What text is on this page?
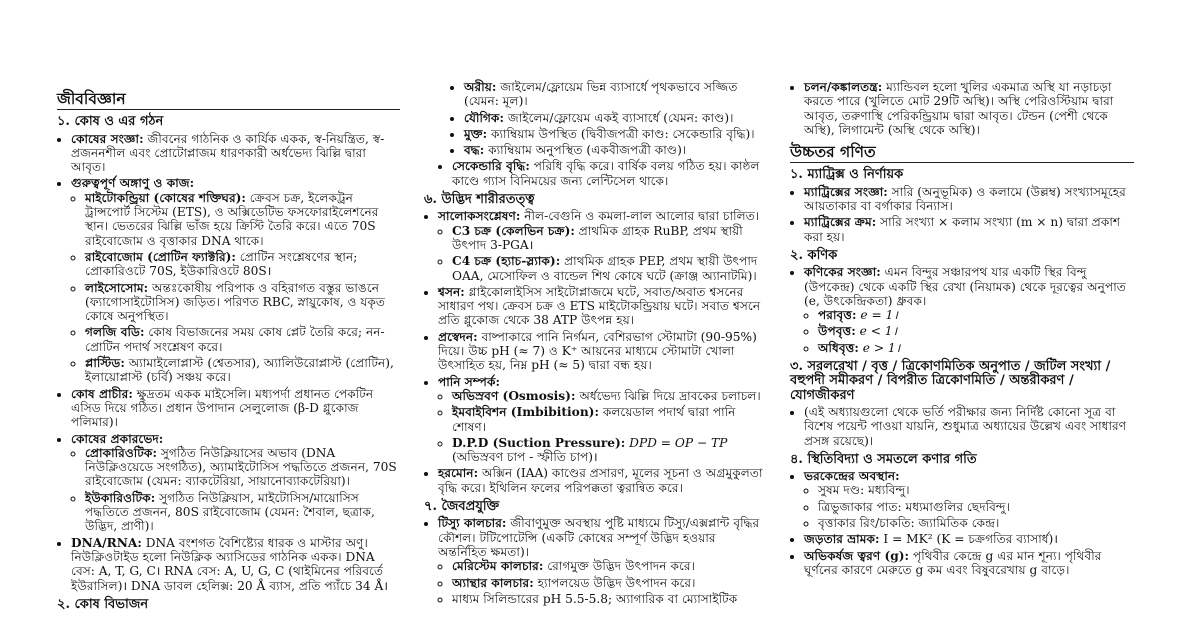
জীববিজ্ঞান
১. কোষ ও এর গঠন
• কোষের সংজ্ঞা: জীবনের গাঠনিক ও কার্যিক একক, স্ব-নিয়ন্ত্রিত, স্ব-প্রজননশীল এবং প্রোটোপ্লাজম ধারণকারী অর্ধভেদ্য ঝিল্লি দ্বারা আবৃত।
• গুরুত্বপূর্ণ অঙ্গাণু ও কাজ:
◦ মাইটোকন্ড্রিয়া (কোষের শক্তিঘর): ক্রেবস চক্র, ইলেকট্রন ট্রান্সপোর্ট সিস্টেম (ETS), ও অক্সিডেটিভ ফসফোরাইলেশনের স্থান। ভেতরের ঝিল্লি ভাঁজ হয়ে ক্রিস্টি তৈরি করে। এতে 70S রাইবোজোম ও বৃত্তাকার DNA থাকে।
◦ রাইবোজোম (প্রোটিন ফ্যাক্টরি): প্রোটিন সংশ্লেষণের স্থান; প্রোকারিওটে 70S, ইউকারিওটে 80S।
◦ লাইসোসোম: অন্তঃকোষীয় পরিপাক ও বহিরাগত বস্তুর ভাঙনে (ফ্যাগোসাইটোসিস) জড়িত। পরিণত RBC, স্নায়ুকোষ, ও যকৃত কোষে অনুপস্থিত।
◦ গলজি বডি: কোষ বিভাজনের সময় কোষ প্লেট তৈরি করে; নন-প্রোটিন পদার্থ সংশ্লেষণ করে।
◦ প্লাস্টিড: অ্যামাইলোপ্লাস্ট (শ্বেতসার), অ্যালিউরোপ্লাস্ট (প্রোটিন), ইলায়োপ্লাস্ট (চর্বি) সঞ্চয় করে।
• কোষ প্রাচীর: ক্ষুদ্রতম একক মাইসেলি। মধ্যপর্দা প্রধানত পেকটিন এসিড দিয়ে গঠিত। প্রধান উপাদান সেলুলোজ (β-D গ্লুকোজ পলিমার)।
• কোষের প্রকারভেদ:
◦ প্রোকারিওটিক: সুগঠিত নিউক্লিয়াসের অভাব (DNA নিউক্লিওয়েডে সংগঠিত), অ্যামাইটোসিস পদ্ধতিতে প্রজনন, 70S রাইবোজোম (যেমন: ব্যাকটেরিয়া, সায়ানোব্যাকটেরিয়া)।
◦ ইউকারিওটিক: সুগঠিত নিউক্লিয়াস, মাইটোসিস/মায়োসিস পদ্ধতিতে প্রজনন, 80S রাইবোজোম (যেমন: শৈবাল, ছত্রাক, উদ্ভিদ, প্রাণী)।
• DNA/RNA: DNA বংশগত বৈশিষ্ট্যের ধারক ও মাস্টার অণু। নিউক্লিওটাইড হলো নিউক্লিক অ্যাসিডের গাঠনিক একক। DNA বেস: A, T, G, C। RNA বেস: A, U, G, C (থাইমিনের পরিবর্তে ইউরাসিল)। DNA ডাবল হেলিক্স: 20 Å ব্যাস, প্রতি প্যাঁচে 34 Å।
২. কোষ বিভাজন
• অরীয়: জাইলেম/ফ্লোয়েম ভিন্ন ব্যাসার্ধে পৃথকভাবে সজ্জিত (যেমন: মূল)।
• যৌগিক: জাইলেম/ফ্লোয়েম একই ব্যাসার্ধে (যেমন: কাণ্ড)।
• মুক্ত: ক্যাম্বিয়াম উপস্থিত (দ্বিবীজপত্রী কাণ্ড: সেকেন্ডারি বৃদ্ধি)।
• বদ্ধ: ক্যাম্বিয়াম অনুপস্থিত (একবীজপত্রী কাণ্ড)।
• সেকেন্ডারি বৃদ্ধি: পরিধি বৃদ্ধি করে। বার্ষিক বলয় গঠিত হয়। কাষ্ঠল কাণ্ডে গ্যাস বিনিময়ের জন্য লেন্টিসেল থাকে।
৬. উদ্ভিদ শারীরতত্ত্ব
• সালোকসংশ্লেষণ: নীল-বেগুনি ও কমলা-লাল আলোর দ্বারা চালিত।
◦ C3 চক্র (কেলভিন চক্র): প্রাথমিক গ্রাহক RuBP, প্রথম স্থায়ী উৎপাদ 3-PGA।
◦ C4 চক্র (হ্যাচ-স্ল্যাক): প্রাথমিক গ্রাহক PEP, প্রথম স্থায়ী উৎপাদ OAA, মেসোফিল ও বান্ডেল শিথ কোষে ঘটে (ক্রাঞ্জ অ্যানাটমি)।
• শ্বসন: গ্লাইকোলাইসিস সাইটোপ্লাজমে ঘটে, সবাত/অবাত শ্বসনের সাধারণ পথ। ক্রেবস চক্র ও ETS মাইটোকন্ড্রিয়ায় ঘটে। সবাত শ্বসনে প্রতি গ্লুকোজ থেকে 38 ATP উৎপন্ন হয়।
• প্রস্বেদন: বাষ্পাকারে পানি নির্গমন, বেশিরভাগ স্টোমাটা (90-95%) দিয়ে। উচ্চ pH (≈ 7) ও K⁺ আয়নের মাধ্যমে স্টোমাটা খোলা উৎসাহিত হয়, নিম্ন pH (≈ 5) দ্বারা বন্ধ হয়।
• পানি সম্পর্ক:
◦ অভিস্রবণ (Osmosis): অর্ধভেদ্য ঝিল্লি দিয়ে দ্রাবকের চলাচল।
◦ ইমবাইবিশন (Imbibition): কলয়েডাল পদার্থ দ্বারা পানি শোষণ।
◦ D.P.D (Suction Pressure): DPD = OP − TP (অভিস্রবণ চাপ - স্ফীতি চাপ)।
• হরমোন: অক্সিন (IAA) কাণ্ডের প্রসারণ, মূলের সূচনা ও অগ্রমুকুলতা বৃদ্ধি করে। ইথিলিন ফলের পরিপক্কতা ত্বরান্বিত করে।
৭. জৈবপ্রযুক্তি
• টিস্যু কালচার: জীবাণুমুক্ত অবস্থায় পুষ্টি মাধ্যমে টিস্যু/এক্সপ্লান্ট বৃদ্ধির কৌশল। টটিপোটেন্সি (একটি কোষের সম্পূর্ণ উদ্ভিদ হওয়ার অন্তর্নিহিত ক্ষমতা)।
◦ মেরিস্টেম কালচার: রোগমুক্ত উদ্ভিদ উৎপাদন করে।
◦ অ্যান্থার কালচার: হ্যাপলয়েড উদ্ভিদ উৎপাদন করে।
◦ মাধ্যম সিলিন্ডারের pH 5.5-5.8; অ্যাগারিক বা ম্যোসাইটিক
• চলন/কঙ্কালতন্ত্র: ম্যান্ডিবল হলো খুলির একমাত্র অস্থি যা নড়াচড়া করতে পারে (খুলিতে মোট 29টি অস্থি)। অস্থি পেরিওস্টিয়াম দ্বারা আবৃত, তরুণাস্থি পেরিকন্ড্রিয়াম দ্বারা আবৃত। টেন্ডন (পেশী থেকে অস্থি), লিগামেন্ট (অস্থি থেকে অস্থি)।
উচ্চতর গণিত
১. ম্যাট্রিক্স ও নির্ণায়ক
• ম্যাট্রিক্সের সংজ্ঞা: সারি (অনুভূমিক) ও কলামে (উল্লম্ব) সংখ্যাসমূহের আয়তাকার বা বর্গাকার বিন্যাস।
• ম্যাট্রিক্সের ক্রম: সারি সংখ্যা × কলাম সংখ্যা (m × n) দ্বারা প্রকাশ করা হয়।
২. কণিক
• কণিকের সংজ্ঞা: এমন বিন্দুর সঞ্চারপথ যার একটি স্থির বিন্দু (উপকেন্দ্র) থেকে একটি স্থির রেখা (নিয়ামক) থেকে দূরত্বের অনুপাত (e, উৎকেন্দ্রিকতা) ধ্রুবক।
◦ পরাবৃত্ত: e = 1।
◦ উপবৃত্ত: e < 1।
◦ অধিবৃত্ত: e > 1।
৩. সরলরেখা / বৃত্ত / ত্রিকোণমিতিক অনুপাত / জটিল সংখ্যা / বহুপদী সমীকরণ / বিপরীত ত্রিকোণমিতি / অন্তরীকরণ / যোগজীকরণ
• (এই অধ্যায়গুলো থেকে ভর্তি পরীক্ষার জন্য নির্দিষ্ট কোনো সূত্র বা বিশেষ পয়েন্ট পাওয়া যায়নি, শুধুমাত্র অধ্যায়ের উল্লেখ এবং সাধারণ প্রসঙ্গ রয়েছে)।
৪. স্থিতিবিদ্যা ও সমতলে কণার গতি
• ভরকেন্দ্রের অবস্থান:
◦ সুষম দণ্ড: মধ্যবিন্দু।
◦ ত্রিভুজাকার পাত: মধ্যমাগুলির ছেদবিন্দু।
◦ বৃত্তাকার রিং/চাকতি: জ্যামিতিক কেন্দ্র।
• জড়তার ভ্রামক: I = MK² (K = চক্রগতির ব্যাসার্ধ)।
• অভিকর্ষজ ত্বরণ (g): পৃথিবীর কেন্দ্রে g এর মান শূন্য। পৃথিবীর ঘূর্ণনের কারণে মেরুতে g কম এবং বিষুবরেখায় g বাড়ে।
